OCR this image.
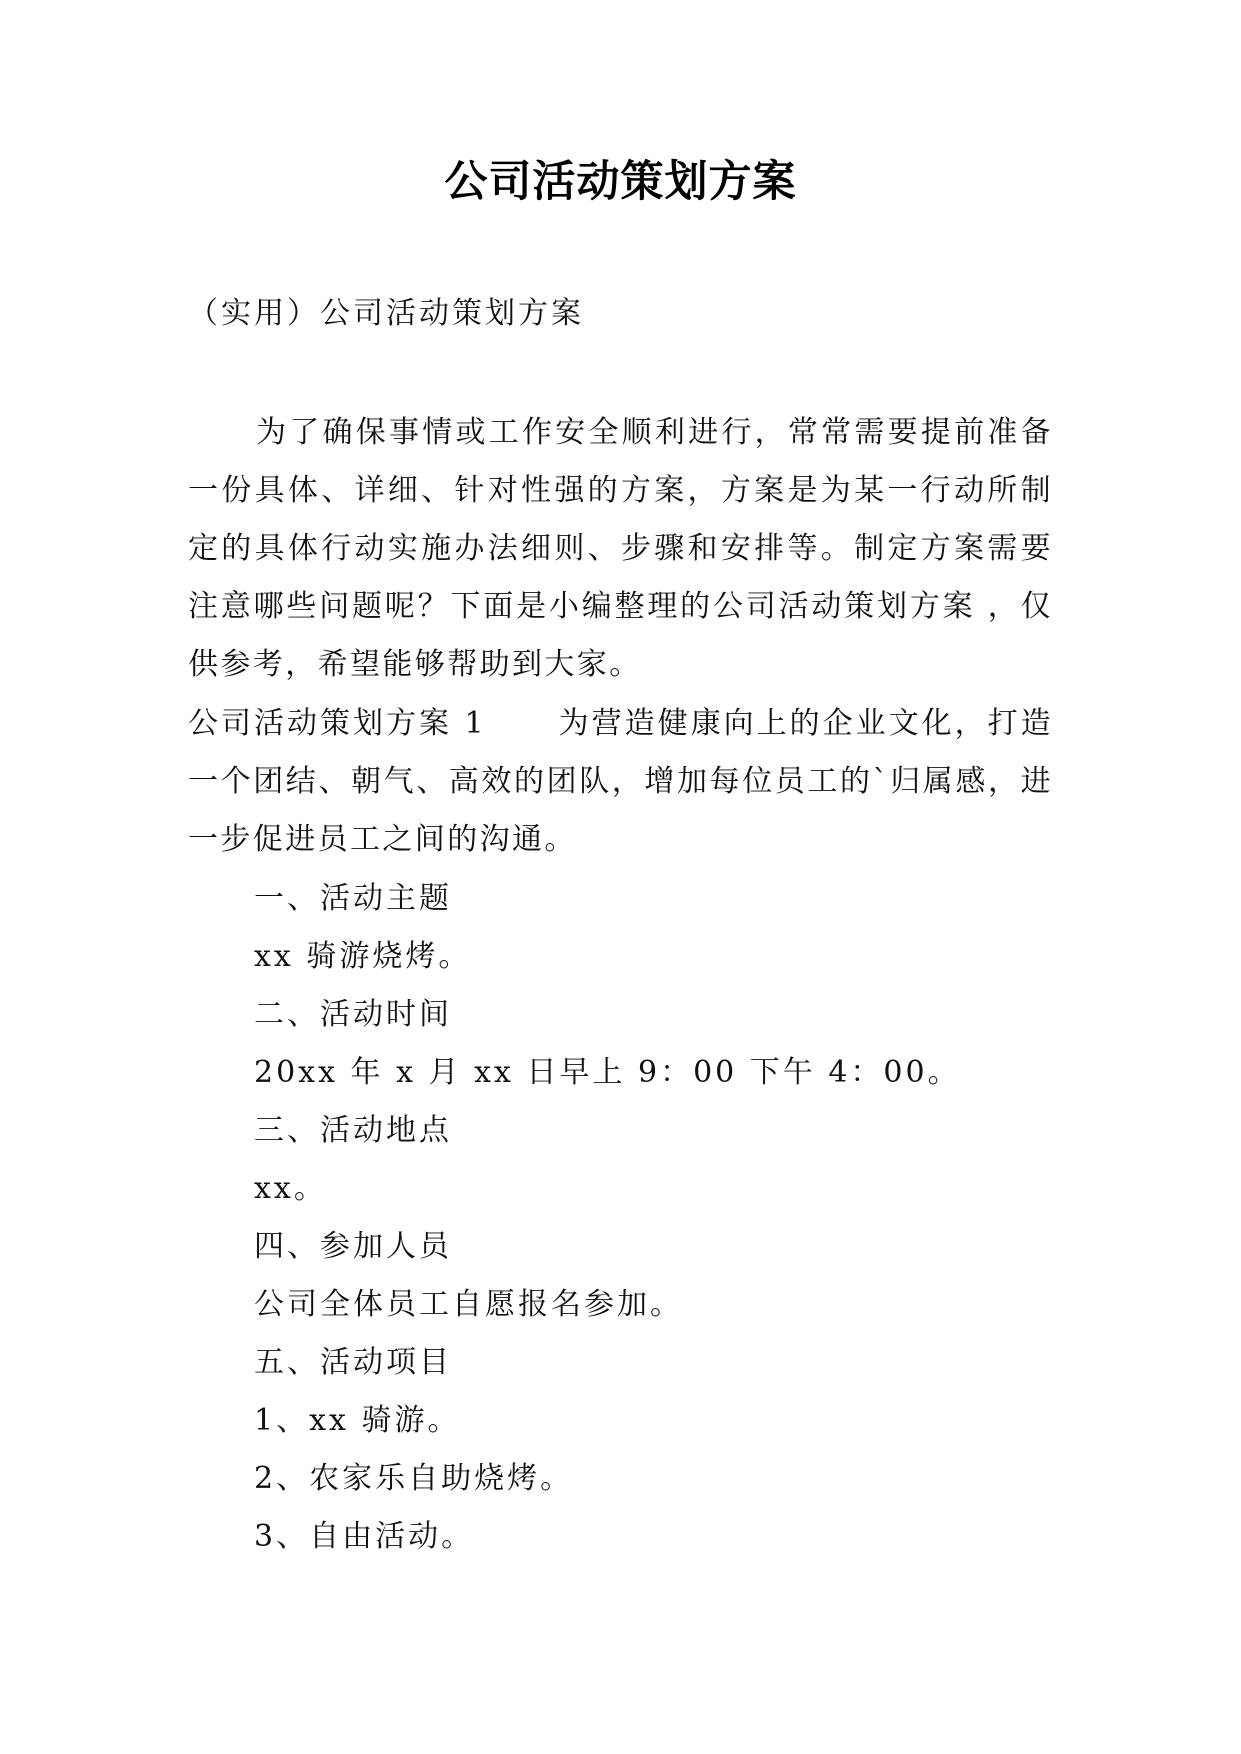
公司活动策划方案
（实用）公司活动策划方案

为了确保事情或工作安全顺利进行，常常需要提前准备一份具体、详细、针对性强的方案，方案是为某一行动所制定的具体行动实施办法细则、步骤和安排等。制定方案需要注意哪些问题呢？下面是小编整理的公司活动策划方案 ，仅供参考，希望能够帮助到大家。

公司活动策划方案 1 为营造健康向上的企业文化，打造一个团结、朝气、高效的团队，增加每位员工的`归属感，进一步促进员工之间的沟通。

一、活动主题

xx 骑游烧烤。

二、活动时间

20xx 年 x 月 xx 日早上 9：00 下午 4：00。

三、活动地点

xx。

四、参加人员

公司全体员工自愿报名参加。

五、活动项目

1、xx 骑游。

2、农家乐自助烧烤。

3、自由活动。
